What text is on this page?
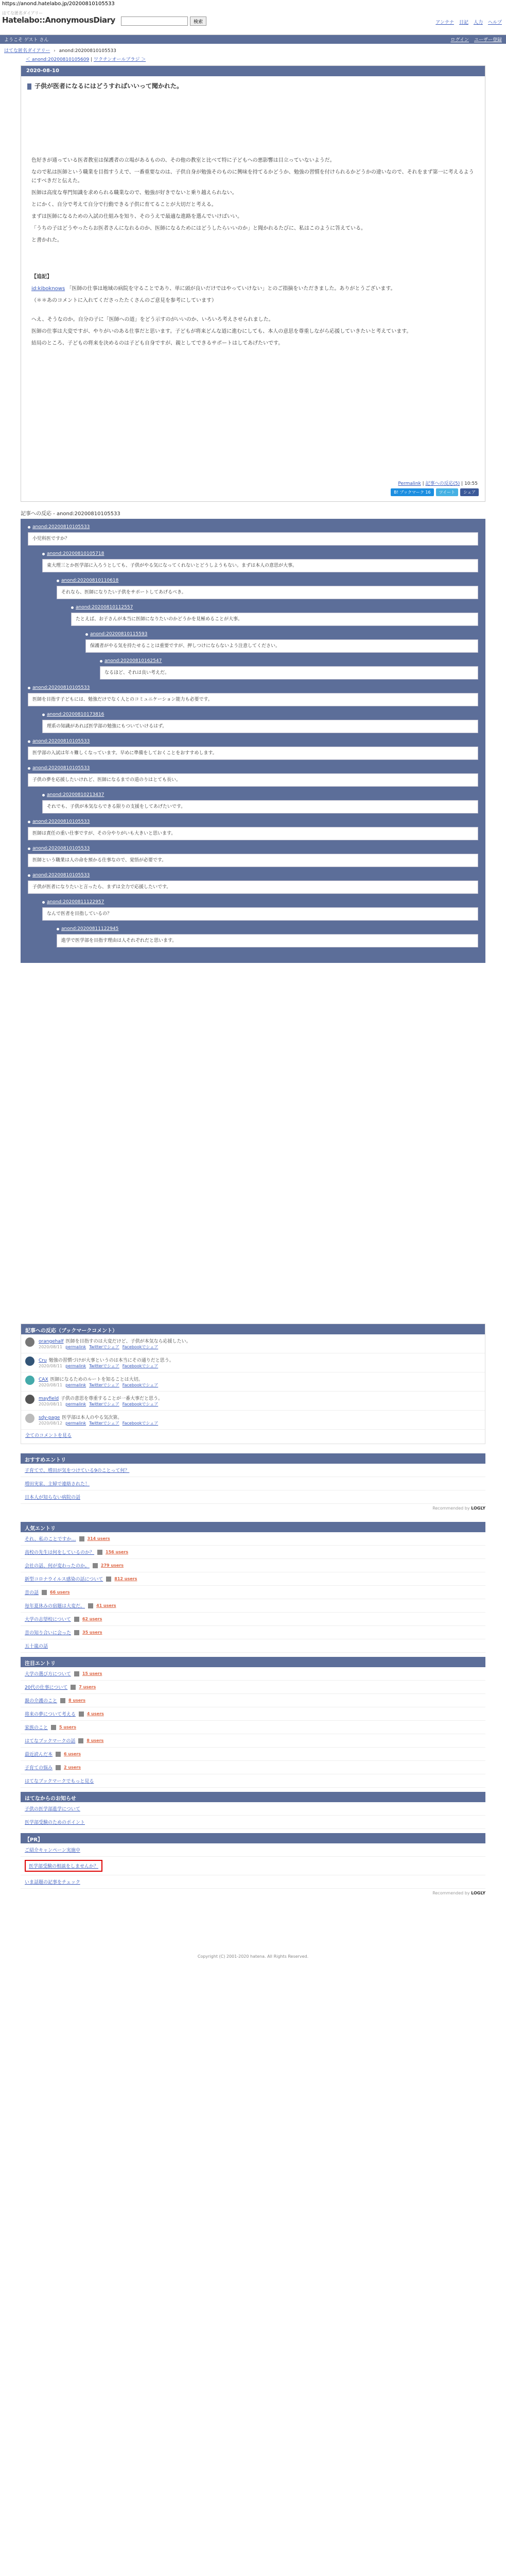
https://anond.hatelabo.jp/20200810105533
はてな匿名ダイアリー
Hatelabo::AnonymousDiary	検索	アンテナ 日記 人力 ヘルプ
ようこそ ゲスト さん	ログイン ユーザー登録
はてな匿名ダイアリー › anond:20200810105533
＜ anond:20200810105609 | ワクチンオールブラジ ＞
2020-08-10
子供が医者になるにはどうすればいいって聞かれた。

色好きが通っている医者教室は保護者の立場があるものの、その他の教室と比べて特に子どもへの悪影響は目立っていないようだ。

なので私は医師という職業を目指すうえで、一番重要なのは、子供自身が勉強そのものに興味を持てるかどうか、勉強の習慣を付けられるかどうかの違いなので、それをまず第一に考えるようにすべきだと伝えた。

医師は高度な専門知識を求められる職業なので、勉強が好きでないと乗り越えられない。

とにかく、自分で考えて自分で行動できる子供に育てることが大切だと考える。

まずは医師になるための入試の仕組みを知り、そのうえで最適な進路を選んでいけばいい。

「うちの子はどうやったらお医者さんになれるのか、医師になるためにはどうしたらいいのか」と聞かれるたびに、私はこのように答えている。

と書かれた。

【追記】

id:kiboknows 「医師の仕事は地域の病院を守ることであり、単に頭が良いだけではやっていけない」とのご指摘をいただきました。ありがとうございます。

（＊＊あのコメントに入れてくださったたくさんのご意見を参考にしています）

へえ、そうなのか。自分の子に「医師への道」をどう示すのがいいのか、いろいろ考えさせられました。

医師の仕事は大変ですが、やりがいのある仕事だと思います。子どもが将来どんな道に進むにしても、本人の意思を尊重しながら応援していきたいと考えています。

結局のところ、子どもの将来を決めるのは子ども自身ですが、親としてできるサポートはしてあげたいです。

Permalink | 記事への反応(5) | 10:55
B! ブックマーク 16	ツイート	シェア
記事への反応 - anond:20200810105533
anond:20200810105533
小児科医ですか？
anond:20200810105718
東大理三とか医学部に入ろうとしても、子供がやる気になってくれないとどうしようもない。まずは本人の意思が大事。
anond:20200810110618
それなら、医師になりたい子供をサポートしてあげるべき。
anond:20200810112557
たとえば、お子さんが本当に医師になりたいのかどうかを見極めることが大事。
anond:20200810115593
保護者がやる気を持たせることは重要ですが、押しつけにならないよう注意してください。
anond:20200810162547
なるほど、それは良い考えだ。
anond:20200810105533
医師を目指す子どもには、勉強だけでなく人とのコミュニケーション能力も必要です。
anond:20200810173816
理系の知識があれば医学部の勉強にもついていけるはず。
anond:20200810105533
医学部の入試は年々難しくなっています。早めに準備をしておくことをおすすめします。
anond:20200810105533
子供の夢を応援したいけれど、医師になるまでの道のりはとても長い。
anond:20200810213437
それでも、子供が本気ならできる限りの支援をしてあげたいです。
anond:20200810105533
医師は責任の重い仕事ですが、その分やりがいも大きいと思います。
anond:20200810105533
医師という職業は人の命を預かる仕事なので、覚悟が必要です。
anond:20200810105533
子供が医者になりたいと言ったら、まずは全力で応援したいです。
anond:20200811122957
なんで医者を目指しているの？
anond:20200811122945
進学で医学部を目指す理由は人それぞれだと思います。
記事への反応（ブックマークコメント）
orangehalf 医師を目指すのは大変だけど、子供が本気なら応援したい。
2020/08/11 permalink Twitterでシェア Facebookでシェア
Cru 勉強の習慣づけが大事というのは本当にその通りだと思う。
2020/08/11 permalink Twitterでシェア Facebookでシェア
CAX 医師になるためのルートを知ることは大切。
2020/08/11 permalink Twitterでシェア Facebookでシェア
mayfield 子供の意思を尊重することが一番大事だと思う。
2020/08/11 permalink Twitterでシェア Facebookでシェア
sdy-page 医学部は本人のやる気次第。
2020/08/12 permalink Twitterでシェア Facebookでシェア
全てのコメントを見る
おすすめエントリ
子育てで、増田が気をつけている9のことって何？
増田実家、主婦で連絡された！
日本人が知らない病院の話
Recommended by LOGLY
人気エントリ
それ、私のことですか…	314 users
高校の先生は何をしているのか？	156 users
会社の話、何が変わったのか。	279 users
新型コロナウイルス感染の話について	812 users
昔の話	66 users
毎年夏休みの宿題は大変だ。	41 users
大学の志望校について	62 users
昔の知り合いに会った	35 users
五十嵐の話
注目エントリ
大学の選び方について	15 users
20代の仕事について	7 users
親の介護のこと	8 users
将来の夢について考える	4 users
家族のこと	5 users
はてなブックマークの話	8 users
最近読んだ本	6 users
子育ての悩み	2 users
はてなブックマークでもっと見る
はてなからのお知らせ
子供の医学部進学について
医学部受験のためのポイント
【PR】
ご紹介キャンペーン実施中
医学部受験の相談をしませんか？
いま話題の記事をチェック
Recommended by LOGLY
Copyright (C) 2001-2020 hatena. All Rights Reserved.
